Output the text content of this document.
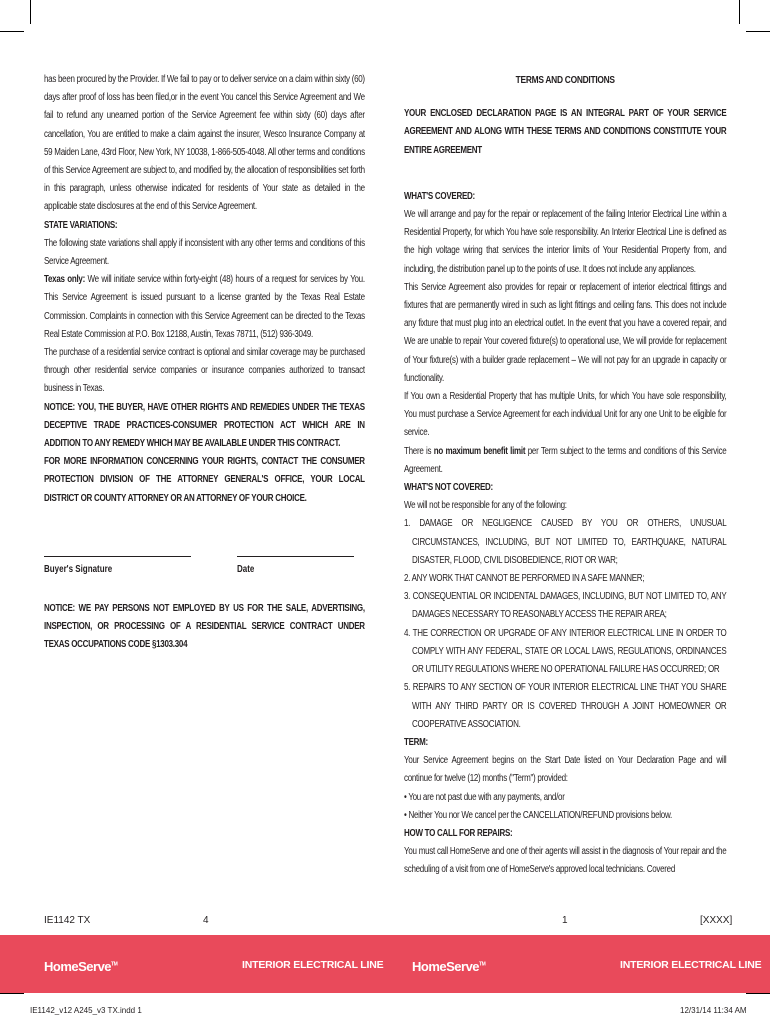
has been procured by the Provider. If We fail to pay or to deliver service on a claim within sixty (60) days after proof of loss has been filed,or in the event You cancel this Service Agreement and We fail to refund any unearned portion of the Service Agreement fee within sixty (60) days after cancellation, You are entitled to make a claim against the insurer, Wesco Insurance Company at 59 Maiden Lane, 43rd Floor, New York, NY 10038, 1-866-505-4048. All other terms and conditions of this Service Agreement are subject to, and modified by, the allocation of responsibilities set forth in this paragraph, unless otherwise indicated for residents of Your state as detailed in the applicable state disclosures at the end of this Service Agreement.

STATE VARIATIONS:

The following state variations shall apply if inconsistent with any other terms and conditions of this Service Agreement.

Texas only: We will initiate service within forty-eight (48) hours of a request for services by You. This Service Agreement is issued pursuant to a license granted by the Texas Real Estate Commission. Complaints in connection with this Service Agreement can be directed to the Texas Real Estate Commission at P.O. Box 12188, Austin, Texas 78711, (512) 936-3049.

The purchase of a residential service contract is optional and similar coverage may be purchased through other residential service companies or insurance companies authorized to transact business in Texas.

NOTICE: YOU, THE BUYER, HAVE OTHER RIGHTS AND REMEDIES UNDER THE TEXAS DECEPTIVE TRADE PRACTICES-CONSUMER PROTECTION ACT WHICH ARE IN ADDITION TO ANY REMEDY WHICH MAY BE AVAILABLE UNDER THIS CONTRACT.

FOR MORE INFORMATION CONCERNING YOUR RIGHTS, CONTACT THE CONSUMER PROTECTION DIVISION OF THE ATTORNEY GENERAL'S OFFICE, YOUR LOCAL DISTRICT OR COUNTY ATTORNEY OR AN ATTORNEY OF YOUR CHOICE.

Buyer's Signature	Date

NOTICE: WE PAY PERSONS NOT EMPLOYED BY US FOR THE SALE, ADVERTISING, INSPECTION, OR PROCESSING OF A RESIDENTIAL SERVICE CONTRACT UNDER TEXAS OCCUPATIONS CODE §1303.304

TERMS AND CONDITIONS

YOUR ENCLOSED DECLARATION PAGE IS AN INTEGRAL PART OF YOUR SERVICE AGREEMENT AND ALONG WITH THESE TERMS AND CONDITIONS CONSTITUTE YOUR ENTIRE AGREEMENT

WHAT'S COVERED:

We will arrange and pay for the repair or replacement of the failing Interior Electrical Line within a Residential Property, for which You have sole responsibility. An Interior Electrical Line is defined as the high voltage wiring that services the interior limits of Your Residential Property from, and including, the distribution panel up to the points of use. It does not include any appliances.

This Service Agreement also provides for repair or replacement of interior electrical fittings and fixtures that are permanently wired in such as light fittings and ceiling fans. This does not include any fixture that must plug into an electrical outlet. In the event that you have a covered repair, and We are unable to repair Your covered fixture(s) to operational use, We will provide for replacement of Your fixture(s) with a builder grade replacement – We will not pay for an upgrade in capacity or functionality.

If You own a Residential Property that has multiple Units, for which You have sole responsibility, You must purchase a Service Agreement for each individual Unit for any one Unit to be eligible for service.

There is no maximum benefit limit per Term subject to the terms and conditions of this Service Agreement.

WHAT'S NOT COVERED:

We will not be responsible for any of the following:

1. DAMAGE OR NEGLIGENCE CAUSED BY YOU OR OTHERS, UNUSUAL CIRCUMSTANCES, INCLUDING, BUT NOT LIMITED TO, EARTHQUAKE, NATURAL DISASTER, FLOOD, CIVIL DISOBEDIENCE, RIOT OR WAR;

2. ANY WORK THAT CANNOT BE PERFORMED IN A SAFE MANNER;

3. CONSEQUENTIAL OR INCIDENTAL DAMAGES, INCLUDING, BUT NOT LIMITED TO, ANY DAMAGES NECESSARY TO REASONABLY ACCESS THE REPAIR AREA;

4. THE CORRECTION OR UPGRADE OF ANY INTERIOR ELECTRICAL LINE IN ORDER TO COMPLY WITH ANY FEDERAL, STATE OR LOCAL LAWS, REGULATIONS, ORDINANCES OR UTILITY REGULATIONS WHERE NO OPERATIONAL FAILURE HAS OCCURRED; OR

5. REPAIRS TO ANY SECTION OF YOUR INTERIOR ELECTRICAL LINE THAT YOU SHARE WITH ANY THIRD PARTY OR IS COVERED THROUGH A JOINT HOMEOWNER OR COOPERATIVE ASSOCIATION.

TERM:

Your Service Agreement begins on the Start Date listed on Your Declaration Page and will continue for twelve (12) months ("Term") provided:

• You are not past due with any payments, and/or

• Neither You nor We cancel per the CANCELLATION/REFUND provisions below.

HOW TO CALL FOR REPAIRS:

You must call HomeServe and one of their agents will assist in the diagnosis of Your repair and the scheduling of a visit from one of HomeServe's approved local technicians. Covered

IE1142 TX	4	1	[XXXX]
HomeServe™	INTERIOR ELECTRICAL LINE HomeServe™	INTERIOR ELECTRICAL LINE
IE1142_v12 A245_v3 TX.indd 1	12/31/14 11:34 AM
